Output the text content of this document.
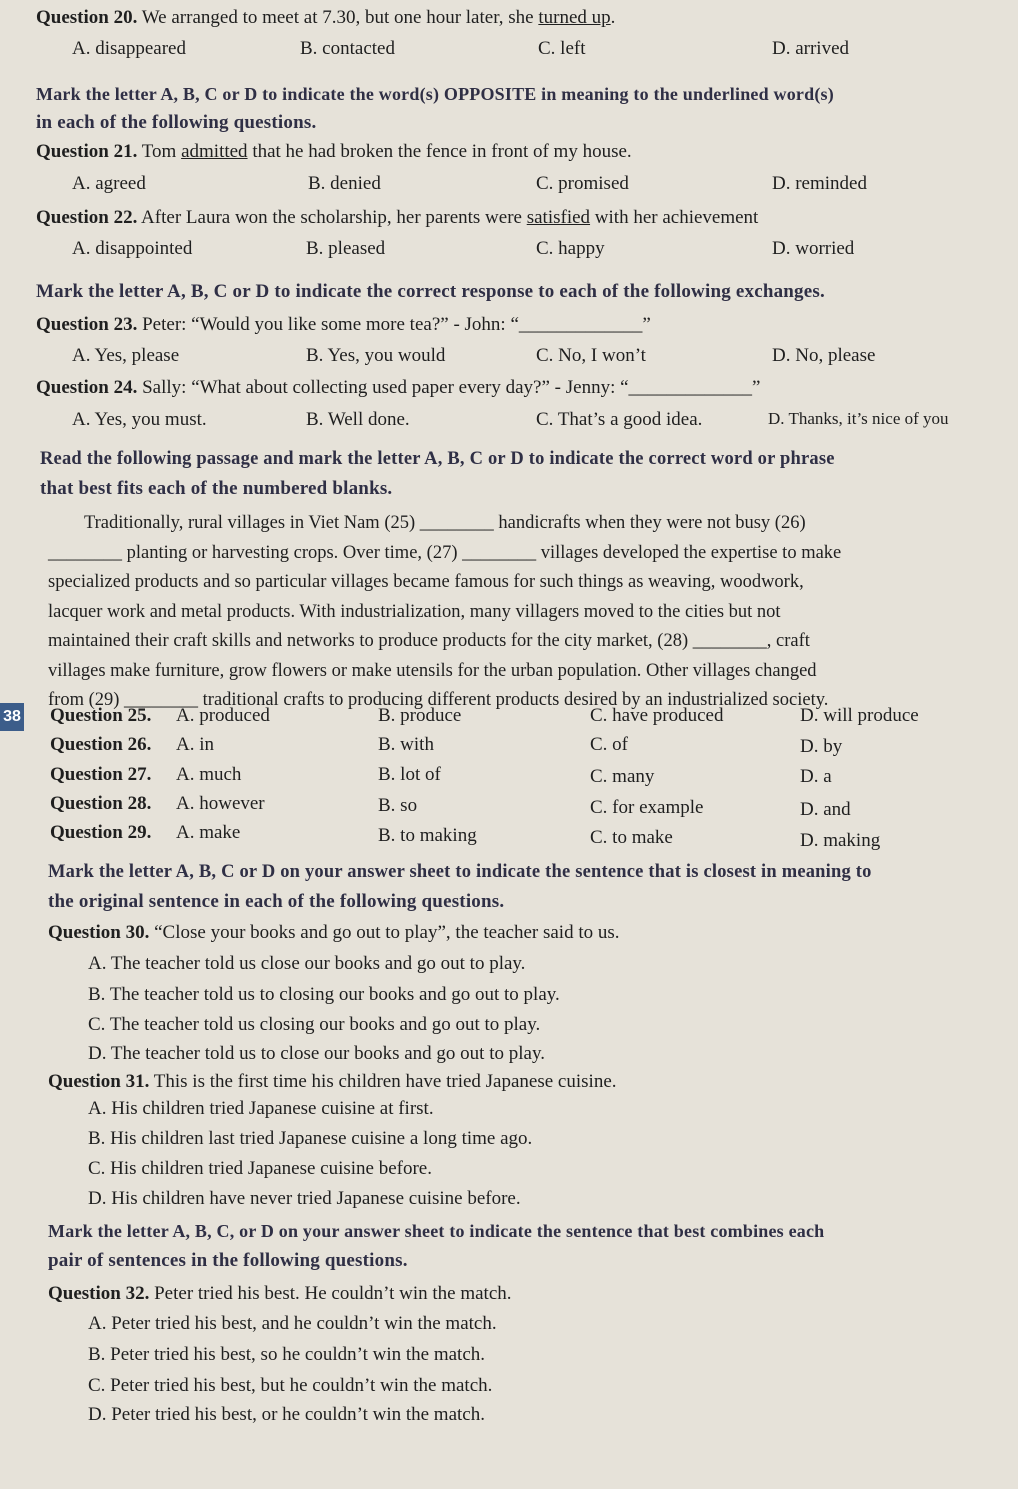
Question 20. We arranged to meet at 7.30, but one hour later, she turned up.
A. disappeared	B. contacted	C. left	D. arrived
Mark the letter A, B, C or D to indicate the word(s) OPPOSITE in meaning to the underlined word(s)
in each of the following questions.
Question 21. Tom admitted that he had broken the fence in front of my house.
A. agreed	B. denied	C. promised	D. reminded
Question 22. After Laura won the scholarship, her parents were satisfied with her achievement
A. disappointed	B. pleased	C. happy	D. worried
Mark the letter A, B, C or D to indicate the correct response to each of the following exchanges.
Question 23. Peter: “Would you like some more tea?” - John: “_____________”
A. Yes, please	B. Yes, you would	C. No, I won’t	D. No, please
Question 24. Sally: “What about collecting used paper every day?” - Jenny: “_____________”
A. Yes, you must.	B. Well done.	C. That’s a good idea.	D. Thanks, it’s nice of you
Read the following passage and mark the letter A, B, C or D to indicate the correct word or phrase
that best fits each of the numbered blanks.
Traditionally, rural villages in Viet Nam (25) ________ handicrafts when they were not busy (26)
________ planting or harvesting crops. Over time, (27) ________ villages developed the expertise to make
specialized products and so particular villages became famous for such things as weaving, woodwork,
lacquer work and metal products. With industrialization, many villagers moved to the cities but not
maintained their craft skills and networks to produce products for the city market, (28) ________, craft
villages make furniture, grow flowers or make utensils for the urban population. Other villages changed
from (29) ________ traditional crafts to producing different products desired by an industrialized society.
Question 25. A. produced	B. produce	C. have produced	D. will produce
38
Question 26. A. in	B. with	C. of	D. by
Question 27. A. much	B. lot of	C. many	D. a
Question 28. A. however	B. so	C. for example	D. and
Question 29. A. make	B. to making	C. to make	D. making
Mark the letter A, B, C or D on your answer sheet to indicate the sentence that is closest in meaning to
the original sentence in each of the following questions.
Question 30. “Close your books and go out to play”, the teacher said to us.
A. The teacher told us close our books and go out to play.
B. The teacher told us to closing our books and go out to play.
C. The teacher told us closing our books and go out to play.
D. The teacher told us to close our books and go out to play.
Question 31. This is the first time his children have tried Japanese cuisine.
A. His children tried Japanese cuisine at first.
B. His children last tried Japanese cuisine a long time ago.
C. His children tried Japanese cuisine before.
D. His children have never tried Japanese cuisine before.
Mark the letter A, B, C, or D on your answer sheet to indicate the sentence that best combines each
pair of sentences in the following questions.
Question 32. Peter tried his best. He couldn’t win the match.
A. Peter tried his best, and he couldn’t win the match.
B. Peter tried his best, so he couldn’t win the match.
C. Peter tried his best, but he couldn’t win the match.
D. Peter tried his best, or he couldn’t win the match.
